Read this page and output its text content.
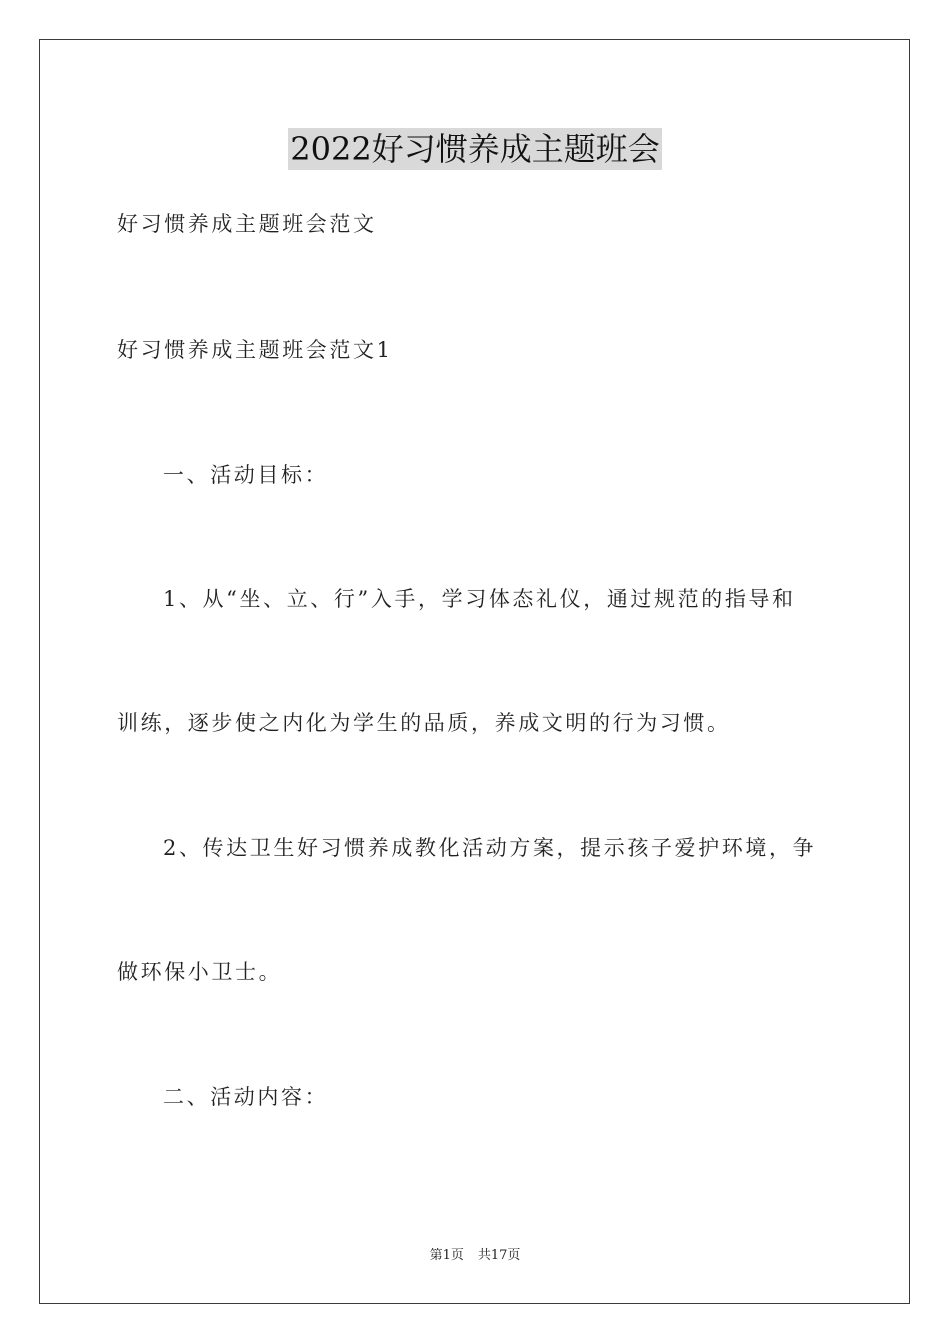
2022好习惯养成主题班会
好习惯养成主题班会范文
好习惯养成主题班会范文1
一、活动目标：
1、从“坐、立、行”入手，学习体态礼仪，通过规范的指导和
训练，逐步使之内化为学生的品质，养成文明的行为习惯。
2、传达卫生好习惯养成教化活动方案，提示孩子爱护环境，争
做环保小卫士。
二、活动内容：
第1页 共17页
